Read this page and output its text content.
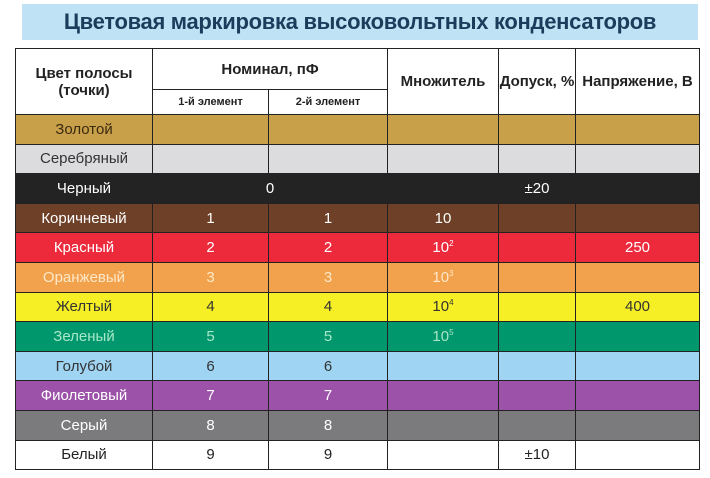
Цветовая маркировка высоковольтных конденсаторов
Цвет полосы (точки)	Номинал, пФ		Множитель	Допуск, %	Напряжение, В
	1-й элемент	2-й элемент			
Золотой					
Серебряный					
Черный	0			±20	
Коричневый	1	1	10		
Красный	2	2	$10^2$		250
Оранжевый	3	3	$10^3$		
Желтый	4	4	$10^4$		400
Зеленый	5	5	$10^5$		
Голубой	6	6			
Фиолетовый	7	7			
Серый	8	8			
Белый	9	9		±10	
